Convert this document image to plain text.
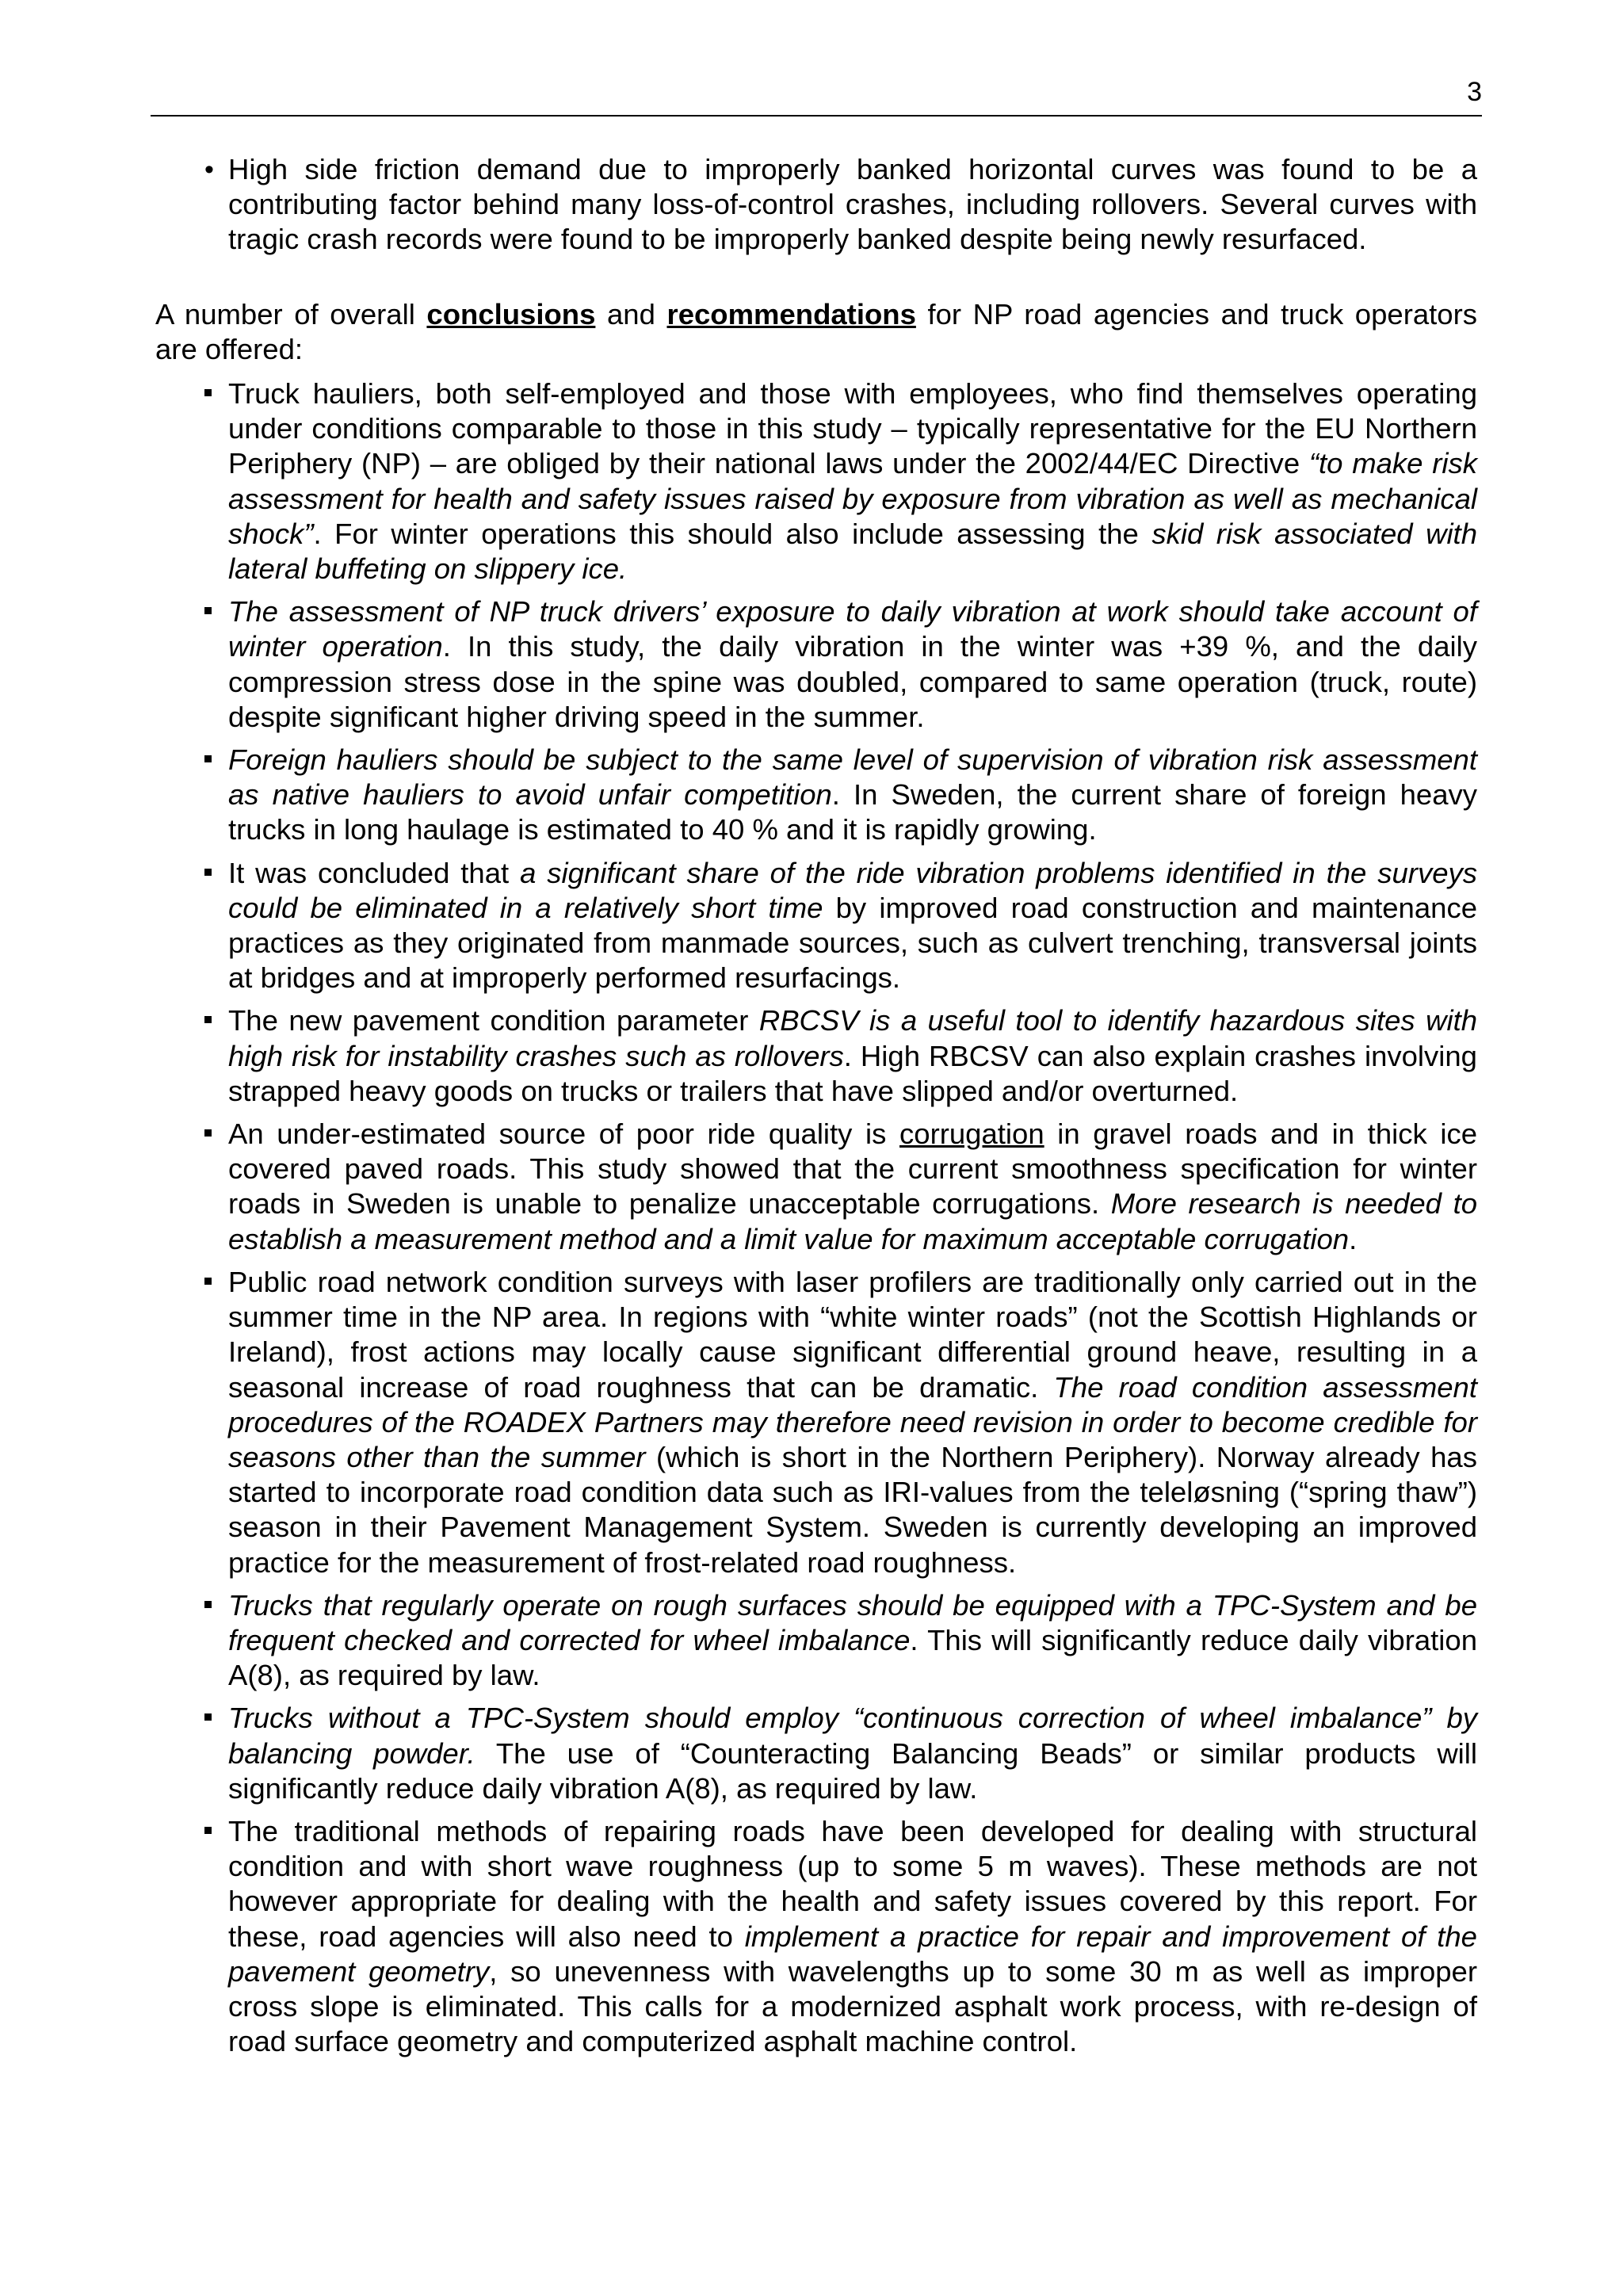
3
• High side friction demand due to improperly banked horizontal curves was found to be a contributing factor behind many loss-of-control crashes, including rollovers. Several curves with tragic crash records were found to be improperly banked despite being newly resurfaced.

A number of overall conclusions and recommendations for NP road agencies and truck operators are offered:

Truck hauliers, both self-employed and those with employees, who find themselves operating under conditions comparable to those in this study – typically representative for the EU Northern Periphery (NP) – are obliged by their national laws under the 2002/44/EC Directive “to make risk assessment for health and safety issues raised by exposure from vibration as well as mechanical shock”. For winter operations this should also include assessing the skid risk associated with lateral buffeting on slippery ice.
The assessment of NP truck drivers’ exposure to daily vibration at work should take account of winter operation. In this study, the daily vibration in the winter was +39 %, and the daily compression stress dose in the spine was doubled, compared to same operation (truck, route) despite significant higher driving speed in the summer.
Foreign hauliers should be subject to the same level of supervision of vibration risk assessment as native hauliers to avoid unfair competition. In Sweden, the current share of foreign heavy trucks in long haulage is estimated to 40 % and it is rapidly growing.
It was concluded that a significant share of the ride vibration problems identified in the surveys could be eliminated in a relatively short time by improved road construction and maintenance practices as they originated from manmade sources, such as culvert trenching, transversal joints at bridges and at improperly performed resurfacings.
The new pavement condition parameter RBCSV is a useful tool to identify hazardous sites with high risk for instability crashes such as rollovers. High RBCSV can also explain crashes involving strapped heavy goods on trucks or trailers that have slipped and/or overturned.
An under-estimated source of poor ride quality is corrugation in gravel roads and in thick ice covered paved roads. This study showed that the current smoothness specification for winter roads in Sweden is unable to penalize unacceptable corrugations. More research is needed to establish a measurement method and a limit value for maximum acceptable corrugation.
Public road network condition surveys with laser profilers are traditionally only carried out in the summer time in the NP area. In regions with “white winter roads” (not the Scottish Highlands or Ireland), frost actions may locally cause significant differential ground heave, resulting in a seasonal increase of road roughness that can be dramatic. The road condition assessment procedures of the ROADEX Partners may therefore need revision in order to become credible for seasons other than the summer (which is short in the Northern Periphery). Norway already has started to incorporate road condition data such as IRI-values from the teleløsning (“spring thaw”) season in their Pavement Management System. Sweden is currently developing an improved practice for the measurement of frost-related road roughness.
Trucks that regularly operate on rough surfaces should be equipped with a TPC-System and be frequent checked and corrected for wheel imbalance. This will significantly reduce daily vibration A(8), as required by law.
Trucks without a TPC-System should employ “continuous correction of wheel imbalance” by balancing powder. The use of “Counteracting Balancing Beads” or similar products will significantly reduce daily vibration A(8), as required by law.
The traditional methods of repairing roads have been developed for dealing with structural condition and with short wave roughness (up to some 5 m waves). These methods are not however appropriate for dealing with the health and safety issues covered by this report. For these, road agencies will also need to implement a practice for repair and improvement of the pavement geometry, so unevenness with wavelengths up to some 30 m as well as improper cross slope is eliminated. This calls for a modernized asphalt work process, with re-design of road surface geometry and computerized asphalt machine control.
